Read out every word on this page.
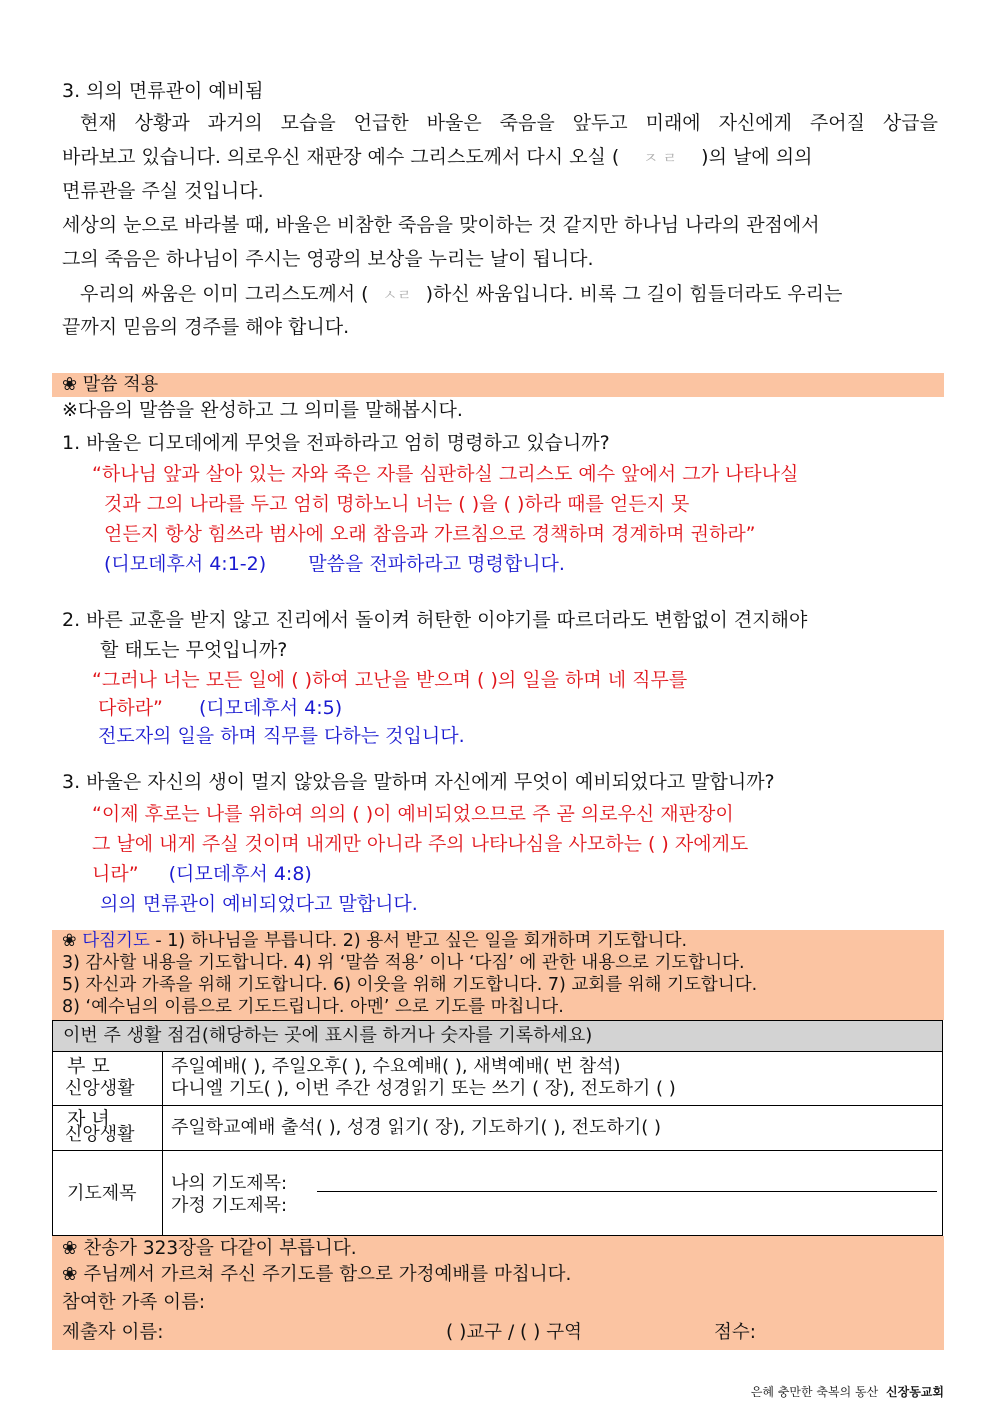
3. 의의 면류관이 예비됨
현재 상황과 과거의 모습을 언급한 바울은 죽음을 앞두고 미래에 자신에게 주어질 상급을
바라보고 있습니다. 의로우신 재판장 예수 그리스도께서 다시 오실 ( ㅈ ㄹ )의 날에 의의
면류관을 주실 것입니다.
세상의 눈으로 바라볼 때, 바울은 비참한 죽음을 맞이하는 것 같지만 하나님 나라의 관점에서
그의 죽음은 하나님이 주시는 영광의 보상을 누리는 날이 됩니다.
우리의 싸움은 이미 그리스도께서 ( ㅅㄹ )하신 싸움입니다. 비록 그 길이 힘들더라도 우리는
끝까지 믿음의 경주를 해야 합니다.
❀ 말씀 적용
※다음의 말씀을 완성하고 그 의미를 말해봅시다.
1. 바울은 디모데에게 무엇을 전파하라고 엄히 명령하고 있습니까?
“하나님 앞과 살아 있는 자와 죽은 자를 심판하실 그리스도 예수 앞에서 그가 나타나실
것과 그의 나라를 두고 엄히 명하노니 너는 ( )을 ( )하라 때를 얻든지 못
얻든지 항상 힘쓰라 범사에 오래 참음과 가르침으로 경책하며 경계하며 권하라”
(디모데후서 4:1-2) 말씀을 전파하라고 명령합니다.
2. 바른 교훈을 받지 않고 진리에서 돌이켜 허탄한 이야기를 따르더라도 변함없이 견지해야
할 태도는 무엇입니까?
“그러나 너는 모든 일에 ( )하여 고난을 받으며 ( )의 일을 하며 네 직무를
다하라” (디모데후서 4:5)
전도자의 일을 하며 직무를 다하는 것입니다.
3. 바울은 자신의 생이 멀지 않았음을 말하며 자신에게 무엇이 예비되었다고 말합니까?
“이제 후로는 나를 위하여 의의 ( )이 예비되었으므로 주 곧 의로우신 재판장이
그 날에 내게 주실 것이며 내게만 아니라 주의 나타나심을 사모하는 ( ) 자에게도
니라” (디모데후서 4:8)
의의 면류관이 예비되었다고 말합니다.
❀ 다짐기도 - 1) 하나님을 부릅니다. 2) 용서 받고 싶은 일을 회개하며 기도합니다.
3) 감사할 내용을 기도합니다. 4) 위 ‘말씀 적용’ 이나 ‘다짐’ 에 관한 내용으로 기도합니다.
5) 자신과 가족을 위해 기도합니다. 6) 이웃을 위해 기도합니다. 7) 교회를 위해 기도합니다.
8) ‘예수님의 이름으로 기도드립니다. 아멘’ 으로 기도를 마칩니다.
이번 주 생활 점검(해당하는 곳에 표시를 하거나 숫자를 기록하세요)
부 모
신앙생활
주일예배( ), 주일오후( ), 수요예배( ), 새벽예배( 번 참석)
다니엘 기도( ), 이번 주간 성경읽기 또는 쓰기 ( 장), 전도하기 ( )
자 녀
신앙생활 주일학교예배 출석( ), 성경 읽기( 장), 기도하기( ), 전도하기( )
기도제목 나의 기도제목:
가정 기도제목:
❀ 찬송가 323장을 다같이 부릅니다.
❀ 주님께서 가르쳐 주신 주기도를 함으로 가정예배를 마칩니다.
참여한 가족 이름:
제출자 이름:	( )교구 / ( ) 구역	점수:
은혜 충만한 축복의 동산 신장동교회
